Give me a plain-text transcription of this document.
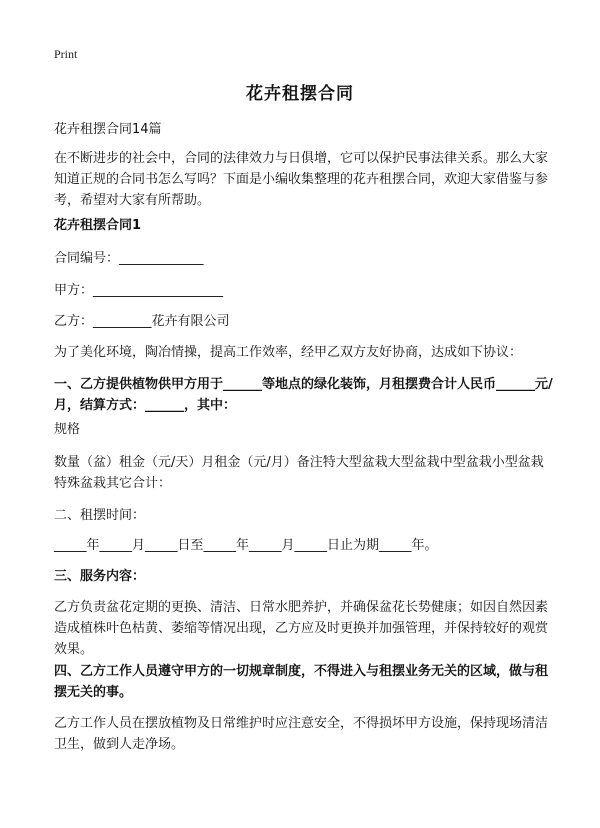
Print
花卉租摆合同
花卉租摆合同14篇
在不断进步的社会中，合同的法律效力与日俱增，它可以保护民事法律关系。那么大家知道正规的合同书怎么写吗？下面是小编收集整理的花卉租摆合同，欢迎大家借鉴与参考，希望对大家有所帮助。
花卉租摆合同1
合同编号：_____________
甲方：____________________
乙方：_________花卉有限公司
为了美化环境，陶冶情操，提高工作效率，经甲乙双方友好协商，达成如下协议：
一、乙方提供植物供甲方用于______等地点的绿化装饰，月租摆费合计人民币______元/月，结算方式：______，其中：
规格
数量（盆）租金（元/天）月租金（元/月）备注特大型盆栽大型盆栽中型盆栽小型盆栽特殊盆栽其它合计：
二、租摆时间：
_____年_____月_____日至_____年_____月_____日止为期_____年。
三、服务内容：
乙方负责盆花定期的更换、清洁、日常水肥养护，并确保盆花长势健康；如因自然因素造成植株叶色枯黄、萎缩等情况出现，乙方应及时更换并加强管理，并保持较好的观赏效果。
四、乙方工作人员遵守甲方的一切规章制度，不得进入与租摆业务无关的区域，做与租摆无关的事。
乙方工作人员在摆放植物及日常维护时应注意安全，不得损坏甲方设施，保持现场清洁卫生，做到人走净场。
